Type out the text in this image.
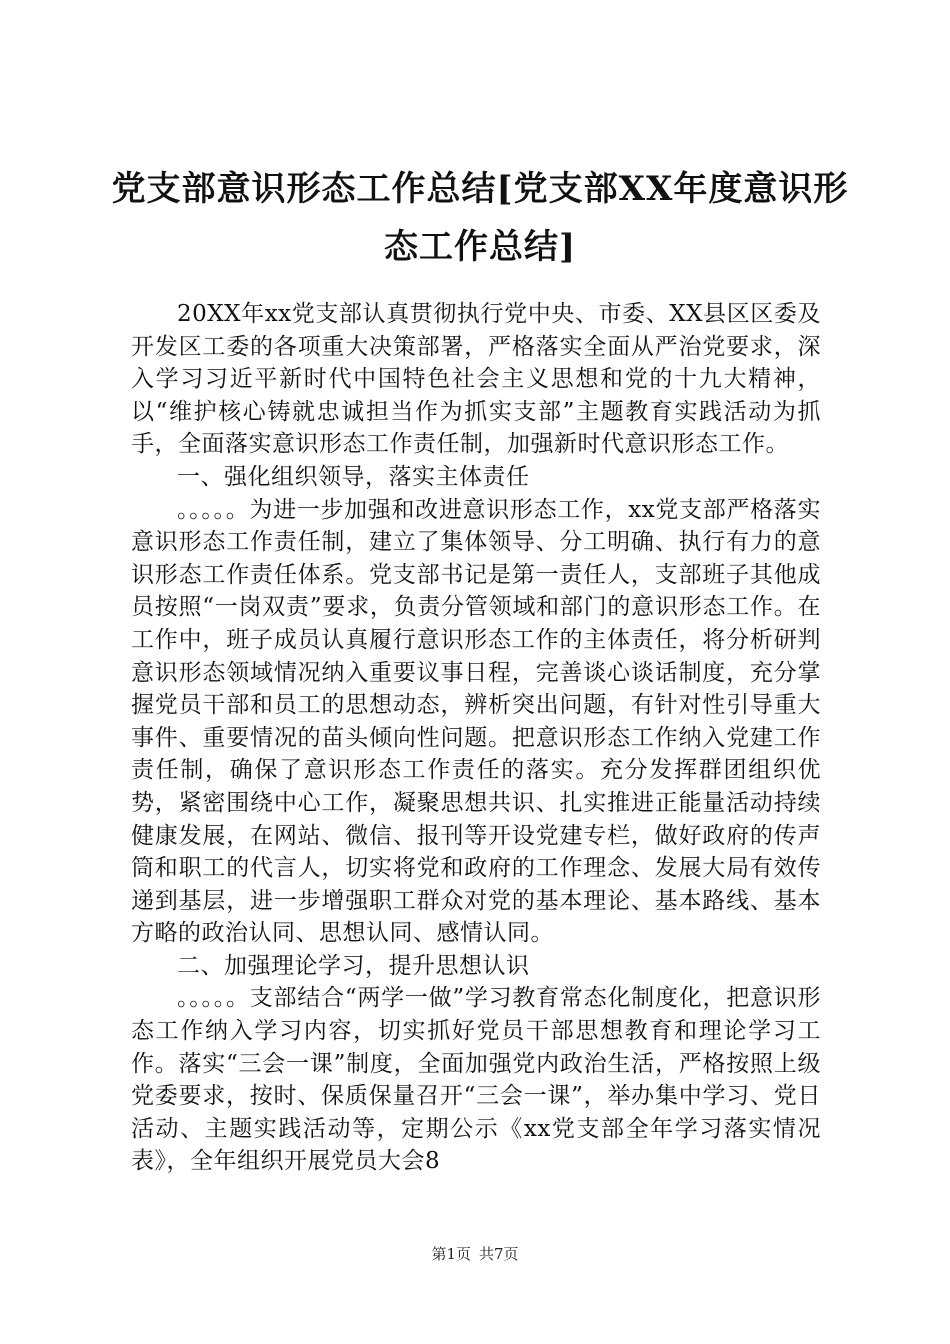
党支部意识形态工作总结[党支部XX年度意识形态工作总结]

20XX年xx党支部认真贯彻执行党中央、市委、XX县区区委及开发区工委的各项重大决策部署，严格落实全面从严治党要求，深入学习习近平新时代中国特色社会主义思想和党的十九大精神，以“维护核心铸就忠诚担当作为抓实支部”主题教育实践活动为抓手，全面落实意识形态工作责任制，加强新时代意识形态工作。

一、强化组织领导，落实主体责任

。。。。。为进一步加强和改进意识形态工作，xx党支部严格落实意识形态工作责任制，建立了集体领导、分工明确、执行有力的意识形态工作责任体系。党支部书记是第一责任人，支部班子其他成员按照“一岗双责”要求，负责分管领域和部门的意识形态工作。在工作中，班子成员认真履行意识形态工作的主体责任，将分析研判意识形态领域情况纳入重要议事日程，完善谈心谈话制度，充分掌握党员干部和员工的思想动态，辨析突出问题，有针对性引导重大事件、重要情况的苗头倾向性问题。把意识形态工作纳入党建工作责任制，确保了意识形态工作责任的落实。充分发挥群团组织优势，紧密围绕中心工作，凝聚思想共识、扎实推进正能量活动持续健康发展，在网站、微信、报刊等开设党建专栏，做好政府的传声筒和职工的代言人，切实将党和政府的工作理念、发展大局有效传递到基层，进一步增强职工群众对党的基本理论、基本路线、基本方略的政治认同、思想认同、感情认同。

二、加强理论学习，提升思想认识

。。。。。支部结合“两学一做”学习教育常态化制度化，把意识形态工作纳入学习内容，切实抓好党员干部思想教育和理论学习工作。落实“三会一课”制度，全面加强党内政治生活，严格按照上级党委要求，按时、保质保量召开“三会一课”，举办集中学习、党日活动、主题实践活动等，定期公示《xx党支部全年学习落实情况表》，全年组织开展党员大会8

第1页 共7页
